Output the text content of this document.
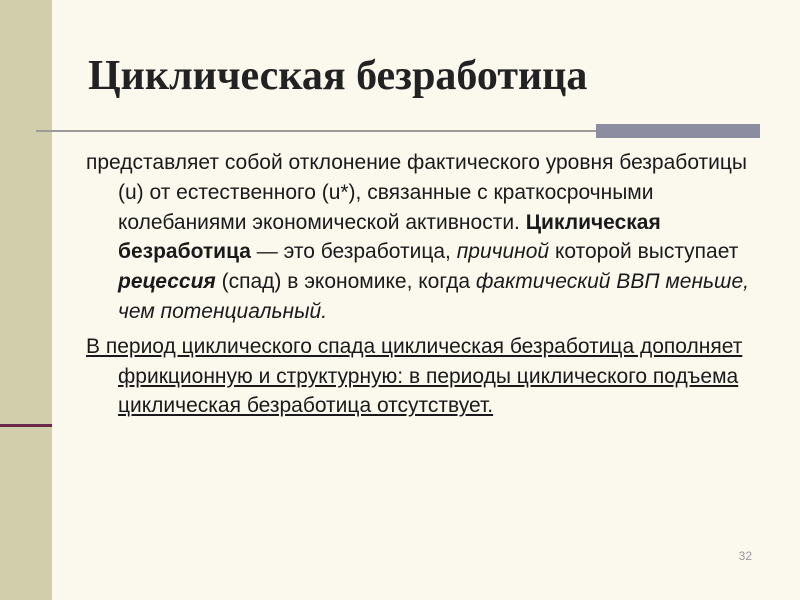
Циклическая безработица

представляет собой отклонение фактического уровня безработицы (u) от естественного (u*), связанные с краткосрочными колебаниями экономической активности. Циклическая безработица — это безработица, причиной которой выступает рецессия (спад) в экономике, когда фактический ВВП меньше, чем потенциальный.

В период циклического спада циклическая безработица дополняет фрикционную и структурную: в периоды циклического подъема циклическая безработица отсутствует.

32
